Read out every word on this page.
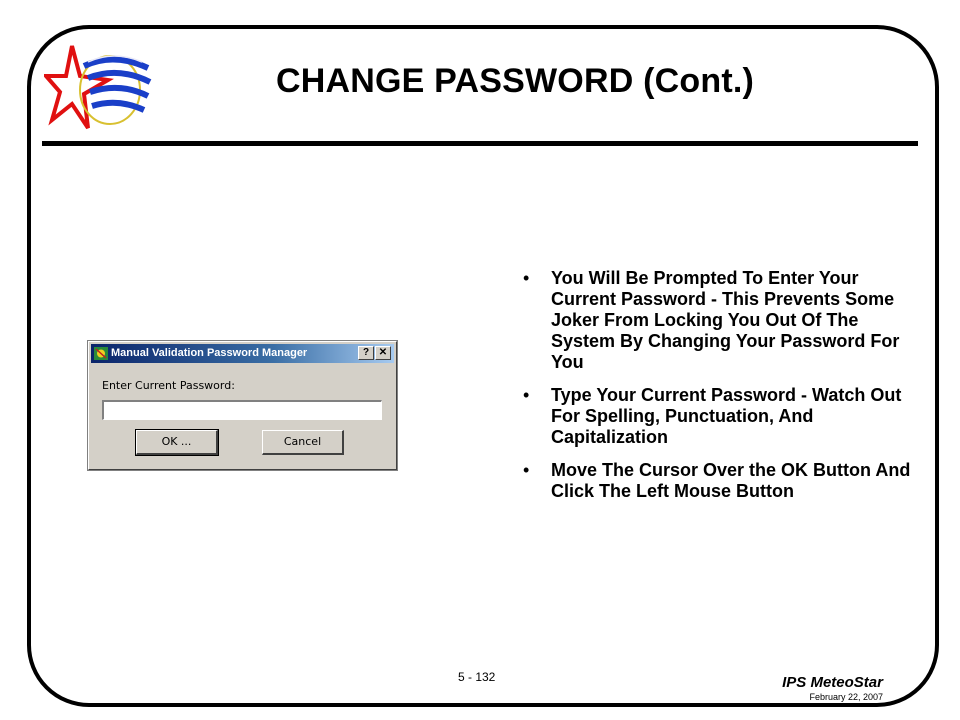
CHANGE PASSWORD (Cont.)
Manual Validation Password Manager	? ✕
Enter Current Password:
OK ...	Cancel
• You Will Be Prompted To Enter Your Current Password - This Prevents Some Joker From Locking You Out Of The System By Changing Your Password For You
• Type Your Current Password - Watch Out For Spelling, Punctuation, And Capitalization
• Move The Cursor Over the OK Button And Click The Left Mouse Button
5 - 132	IPS MeteoStar
February 22, 2007
